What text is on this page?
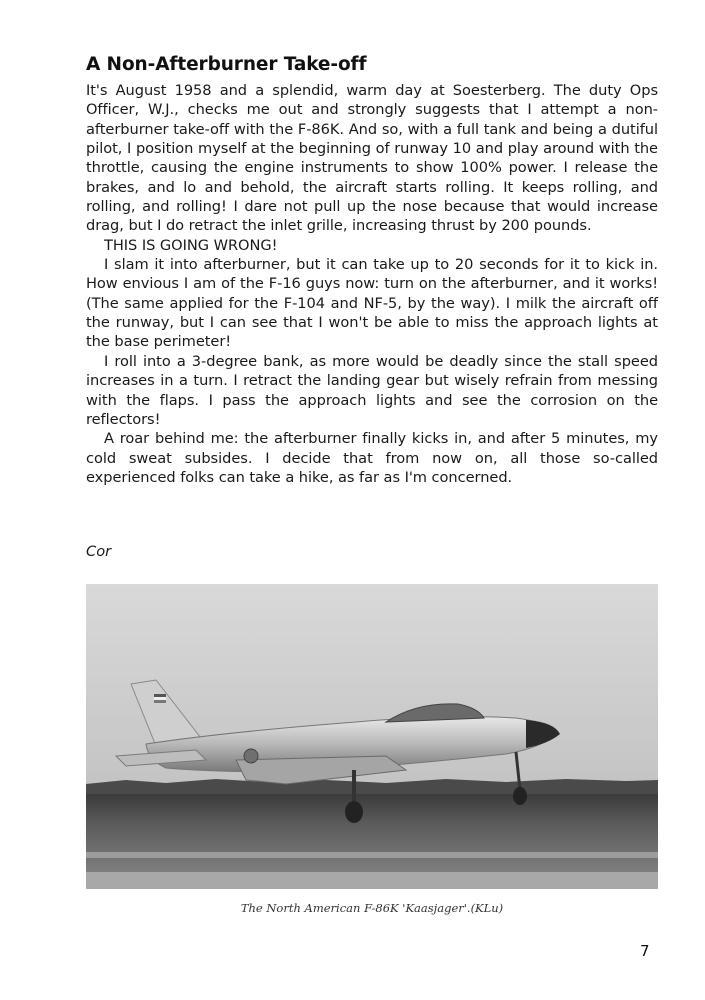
A Non-Afterburner Take-off

It's August 1958 and a splendid, warm day at Soesterberg. The duty Ops Officer, W.J., checks me out and strongly suggests that I attempt a non-afterburner take-off with the F-86K. And so, with a full tank and being a dutiful pilot, I position myself at the beginning of runway 10 and play around with the throttle, causing the engine instruments to show 100% power. I release the brakes, and lo and behold, the aircraft starts rolling. It keeps rolling, and rolling, and rolling! I dare not pull up the nose because that would increase drag, but I do retract the inlet grille, increasing thrust by 200 pounds.

THIS IS GOING WRONG!

I slam it into afterburner, but it can take up to 20 seconds for it to kick in. How envious I am of the F-16 guys now: turn on the afterburner, and it works! (The same applied for the F-104 and NF-5, by the way). I milk the aircraft off the runway, but I can see that I won't be able to miss the approach lights at the base perimeter!

I roll into a 3-degree bank, as more would be deadly since the stall speed increases in a turn. I retract the landing gear but wisely refrain from messing with the flaps. I pass the approach lights and see the corrosion on the reflectors!

A roar behind me: the afterburner finally kicks in, and after 5 minutes, my cold sweat subsides. I decide that from now on, all those so-called experienced folks can take a hike, as far as I'm concerned.

Cor
The North American F-86K 'Kaasjager'.(KLu)
7
